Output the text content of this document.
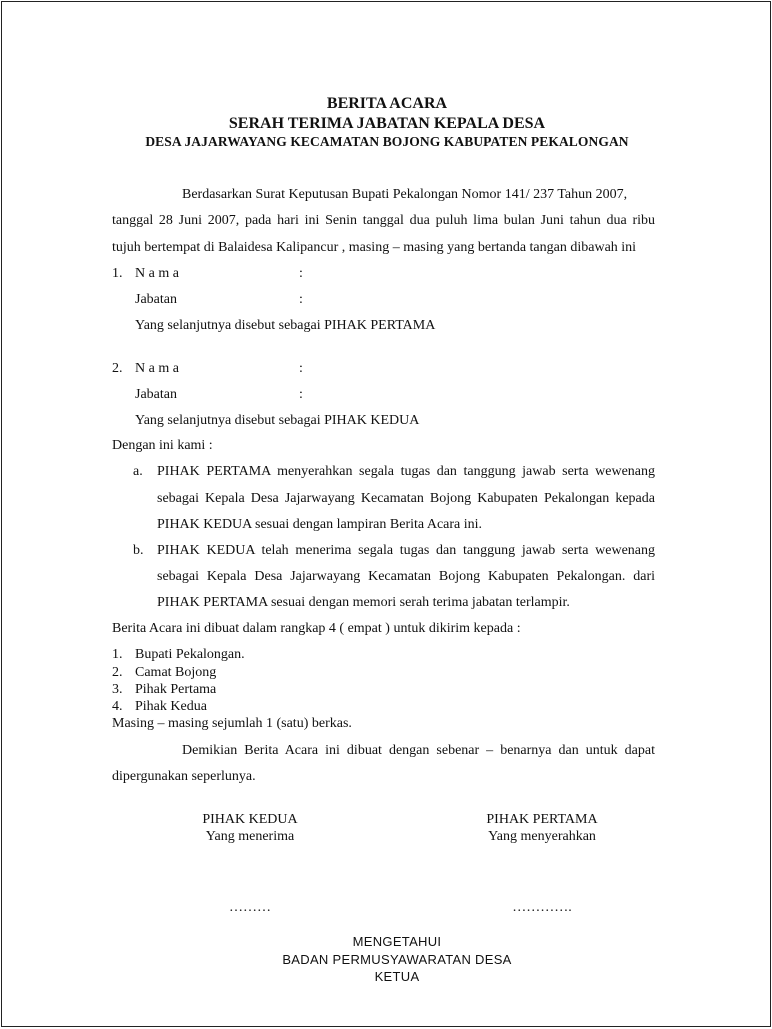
BERITA ACARA
SERAH TERIMA JABATAN KEPALA DESA
DESA JAJARWAYANG KECAMATAN BOJONG KABUPATEN PEKALONGAN
Berdasarkan Surat Keputusan Bupati Pekalongan Nomor 141/ 237 Tahun 2007,
tanggal 28 Juni 2007, pada hari ini Senin tanggal dua puluh lima bulan Juni tahun dua ribu
tujuh bertempat di Balaidesa Kalipancur , masing – masing yang bertanda tangan dibawah ini
1. N a m a	:
Jabatan	:
Yang selanjutnya disebut sebagai PIHAK PERTAMA
2. N a m a	:
Jabatan	:
Yang selanjutnya disebut sebagai PIHAK KEDUA
Dengan ini kami :
a. PIHAK PERTAMA menyerahkan segala tugas dan tanggung jawab serta wewenang
sebagai Kepala Desa Jajarwayang Kecamatan Bojong Kabupaten Pekalongan kepada
PIHAK KEDUA sesuai dengan lampiran Berita Acara ini.
b. PIHAK KEDUA telah menerima segala tugas dan tanggung jawab serta wewenang
sebagai Kepala Desa Jajarwayang Kecamatan Bojong Kabupaten Pekalongan. dari
PIHAK PERTAMA sesuai dengan memori serah terima jabatan terlampir.
Berita Acara ini dibuat dalam rangkap 4 ( empat ) untuk dikirim kepada :
1. Bupati Pekalongan.
2. Camat Bojong
3. Pihak Pertama
4. Pihak Kedua
Masing – masing sejumlah 1 (satu) berkas.
Demikian Berita Acara ini dibuat dengan sebenar – benarnya dan untuk dapat
dipergunakan seperlunya.
PIHAK KEDUA
Yang menerima
PIHAK PERTAMA
Yang menyerahkan
………	………….
MENGETAHUI
BADAN PERMUSYAWARATAN DESA
KETUA
